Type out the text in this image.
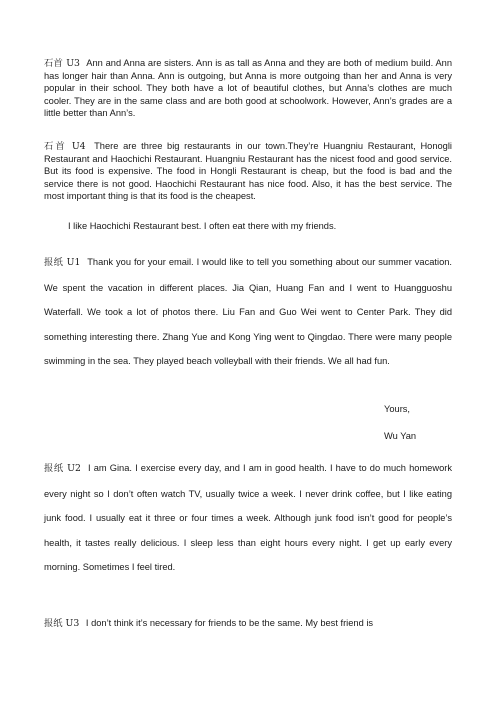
石首 U3 Ann and Anna are sisters. Ann is as tall as Anna and they are both of medium build. Ann has longer hair than Anna. Ann is outgoing, but Anna is more outgoing than her and Anna is very popular in their school. They both have a lot of beautiful clothes, but Anna’s clothes are much cooler. They are in the same class and are both good at schoolwork. However, Ann’s grades are a little better than Ann’s.

石首 U4 There are three big restaurants in our town.They’re Huangniu Restaurant, Honogli Restaurant and Haochichi Restaurant. Huangniu Restaurant has the nicest food and good service. But its food is expensive. The food in Hongli Restaurant is cheap, but the food is bad and the service there is not good. Haochichi Restaurant has nice food. Also, it has the best service. The most important thing is that its food is the cheapest.

I like Haochichi Restaurant best. I often eat there with my friends.

报纸 U1 Thank you for your email. I would like to tell you something about our summer vacation. We spent the vacation in different places. Jia Qian, Huang Fan and I went to Huangguoshu Waterfall. We took a lot of photos there. Liu Fan and Guo Wei went to Center Park. They did something interesting there. Zhang Yue and Kong Ying went to Qingdao. There were many people swimming in the sea. They played beach volleyball with their friends. We all had fun.

Yours,

Wu Yan

报纸 U2 I am Gina. I exercise every day, and I am in good health. I have to do much homework every night so I don’t often watch TV, usually twice a week. I never drink coffee, but I like eating junk food. I usually eat it three or four times a week. Although junk food isn’t good for people’s health, it tastes really delicious. I sleep less than eight hours every night. I get up early every morning. Sometimes I feel tired.

报纸 U3 I don’t think it’s necessary for friends to be the same. My best friend is
